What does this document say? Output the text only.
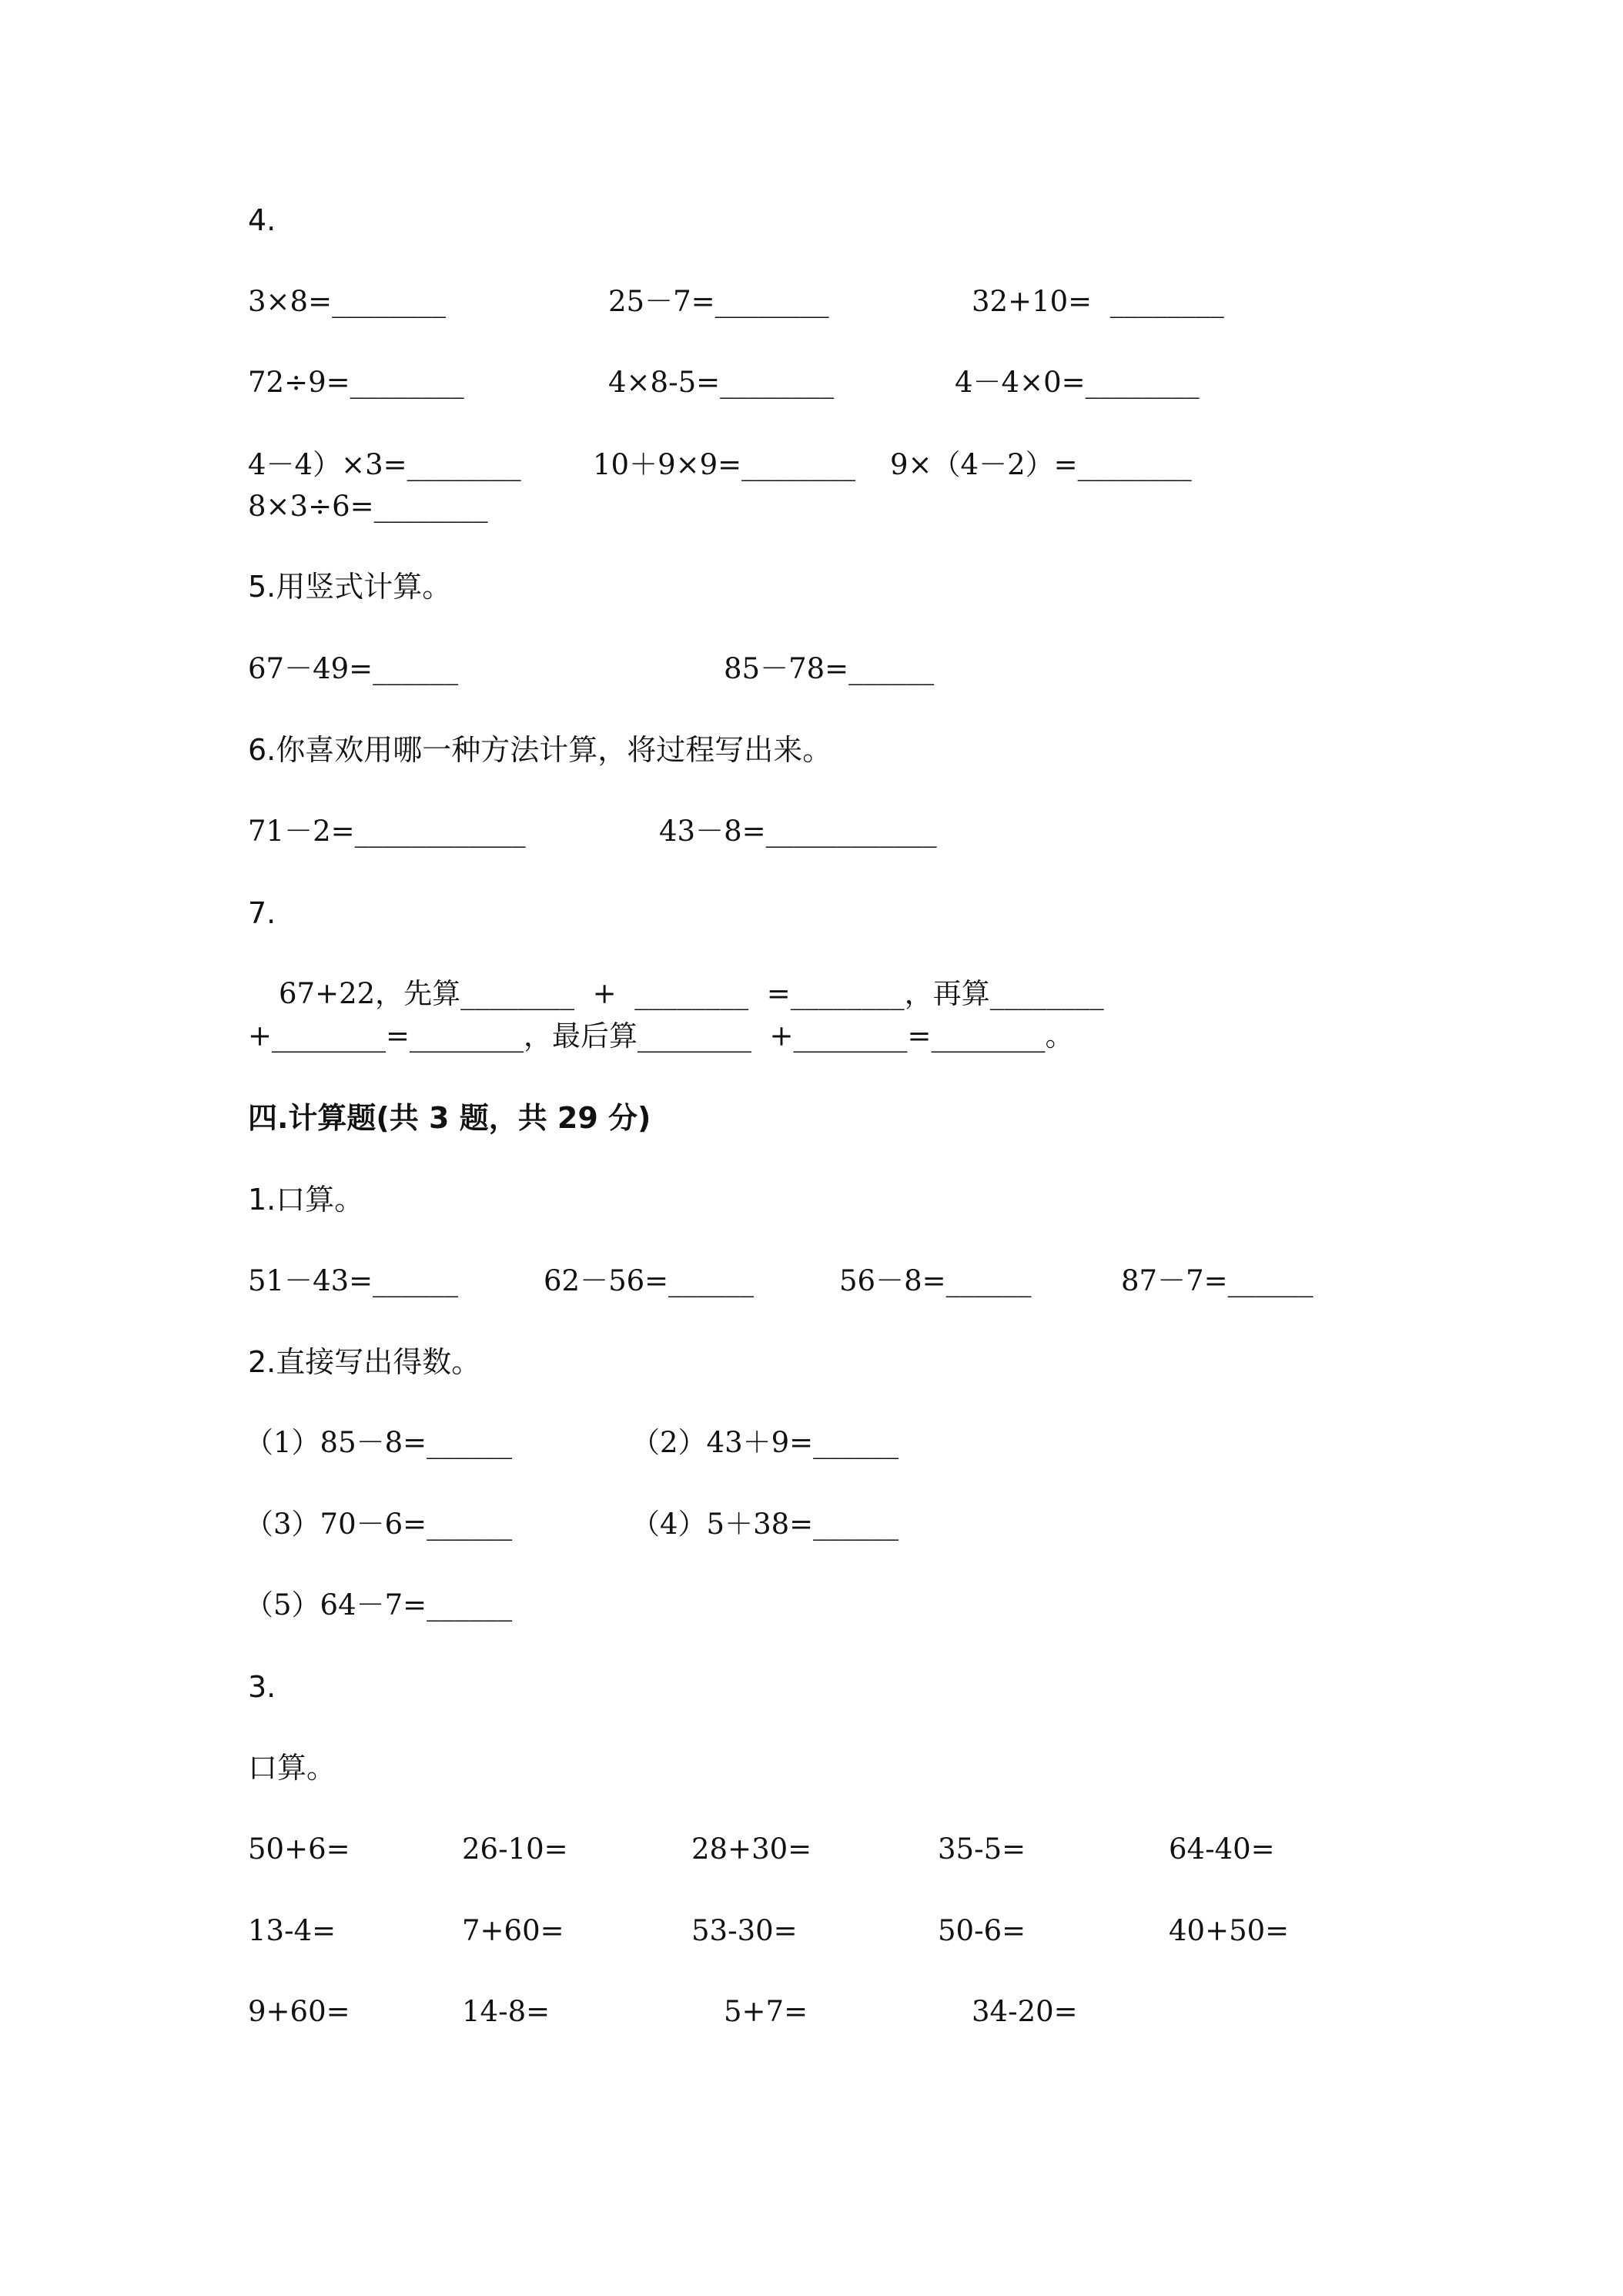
4.
3×8=________	25－7=________	32+10=  ________
72÷9=________	4×8-5=________	4－4×0=________
4－4）×3=________	10＋9×9=________ 9×（4－2）=________
8×3÷6=________
5.用竖式计算。
67－49=______	85－78=______
6.你喜欢用哪一种方法计算，将过程写出来。
71－2=____________	43－8=____________
7.
67+22，先算________  +  ________  =________，再算________
+________=________，最后算________  +________=________。
四.计算题(共 3 题，共 29 分)
1.口算。
51－43=______	62－56=______	56－8=______	87－7=______
2.直接写出得数。
（1）85－8=______	（2）43＋9=______
（3）70－6=______	（4）5＋38=______
（5）64－7=______
3.
口算。
50+6=	26-10=	28+30=	35-5=	64-40=
13-4=	7+60=	53-30=	50-6=	40+50=
9+60=	14-8=	5+7=	34-20=
